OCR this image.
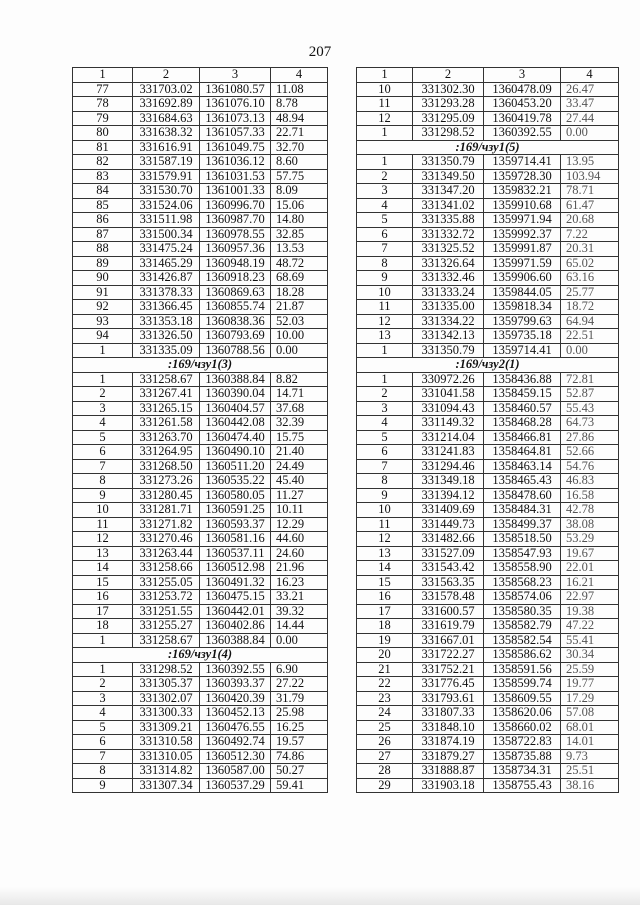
207
1	2	3	4
77	331703.02	1361080.57	11.08
78	331692.89	1361076.10	8.78
79	331684.63	1361073.13	48.94
80	331638.32	1361057.33	22.71
81	331616.91	1361049.75	32.70
82	331587.19	1361036.12	8.60
83	331579.91	1361031.53	57.75
84	331530.70	1361001.33	8.09
85	331524.06	1360996.70	15.06
86	331511.98	1360987.70	14.80
87	331500.34	1360978.55	32.85
88	331475.24	1360957.36	13.53
89	331465.29	1360948.19	48.72
90	331426.87	1360918.23	68.69
91	331378.33	1360869.63	18.28
92	331366.45	1360855.74	21.87
93	331353.18	1360838.36	52.03
94	331326.50	1360793.69	10.00
1	331335.09	1360788.56	0.00
:169/чзу1(3)			
1	331258.67	1360388.84	8.82
2	331267.41	1360390.04	14.71
3	331265.15	1360404.57	37.68
4	331261.58	1360442.08	32.39
5	331263.70	1360474.40	15.75
6	331264.95	1360490.10	21.40
7	331268.50	1360511.20	24.49
8	331273.26	1360535.22	45.40
9	331280.45	1360580.05	11.27
10	331281.71	1360591.25	10.11
11	331271.82	1360593.37	12.29
12	331270.46	1360581.16	44.60
13	331263.44	1360537.11	24.60
14	331258.66	1360512.98	21.96
15	331255.05	1360491.32	16.23
16	331253.72	1360475.15	33.21
17	331251.55	1360442.01	39.32
18	331255.27	1360402.86	14.44
1	331258.67	1360388.84	0.00
:169/чзу1(4)			
1	331298.52	1360392.55	6.90
2	331305.37	1360393.37	27.22
3	331302.07	1360420.39	31.79
4	331300.33	1360452.13	25.98
5	331309.21	1360476.55	16.25
6	331310.58	1360492.74	19.57
7	331310.05	1360512.30	74.86
8	331314.82	1360587.00	50.27
9	331307.34	1360537.29	59.41
1	2	3	4
10	331302.30	1360478.09	26.47
11	331293.28	1360453.20	33.47
12	331295.09	1360419.78	27.44
1	331298.52	1360392.55	0.00
:169/чзу1(5)			
1	331350.79	1359714.41	13.95
2	331349.50	1359728.30	103.94
3	331347.20	1359832.21	78.71
4	331341.02	1359910.68	61.47
5	331335.88	1359971.94	20.68
6	331332.72	1359992.37	7.22
7	331325.52	1359991.87	20.31
8	331326.64	1359971.59	65.02
9	331332.46	1359906.60	63.16
10	331333.24	1359844.05	25.77
11	331335.00	1359818.34	18.72
12	331334.22	1359799.63	64.94
13	331342.13	1359735.18	22.51
1	331350.79	1359714.41	0.00
:169/чзу2(1)			
1	330972.26	1358436.88	72.81
2	331041.58	1358459.15	52.87
3	331094.43	1358460.57	55.43
4	331149.32	1358468.28	64.73
5	331214.04	1358466.81	27.86
6	331241.83	1358464.81	52.66
7	331294.46	1358463.14	54.76
8	331349.18	1358465.43	46.83
9	331394.12	1358478.60	16.58
10	331409.69	1358484.31	42.78
11	331449.73	1358499.37	38.08
12	331482.66	1358518.50	53.29
13	331527.09	1358547.93	19.67
14	331543.42	1358558.90	22.01
15	331563.35	1358568.23	16.21
16	331578.48	1358574.06	22.97
17	331600.57	1358580.35	19.38
18	331619.79	1358582.79	47.22
19	331667.01	1358582.54	55.41
20	331722.27	1358586.62	30.34
21	331752.21	1358591.56	25.59
22	331776.45	1358599.74	19.77
23	331793.61	1358609.55	17.29
24	331807.33	1358620.06	57.08
25	331848.10	1358660.02	68.01
26	331874.19	1358722.83	14.01
27	331879.27	1358735.88	9.73
28	331888.87	1358734.31	25.51
29	331903.18	1358755.43	38.16
